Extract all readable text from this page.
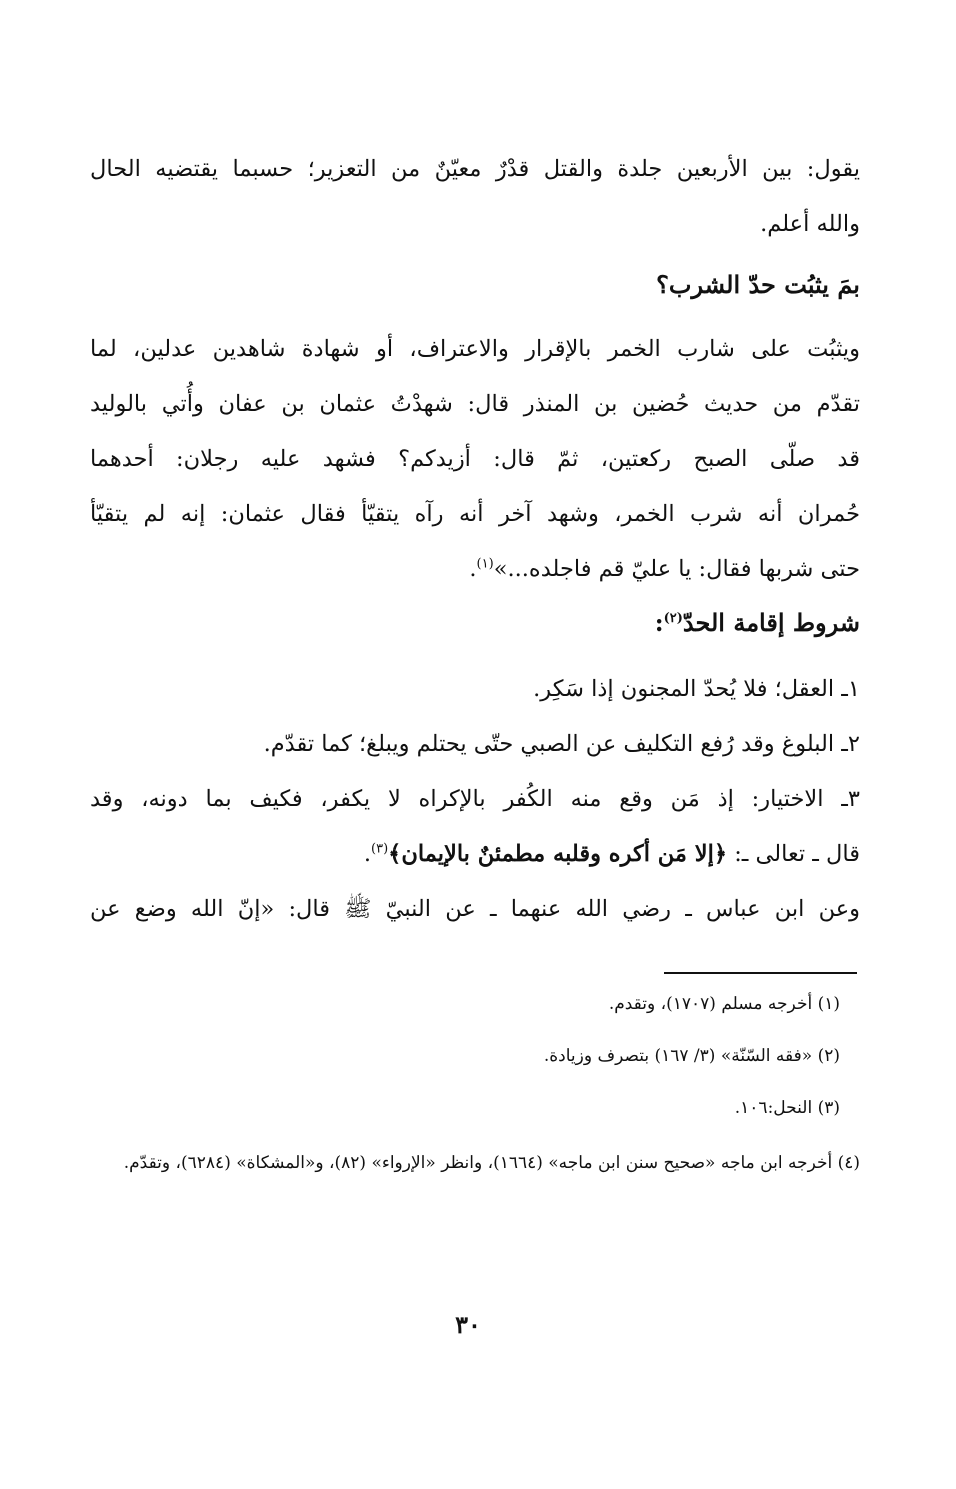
يقول: بين الأربعين جلدة والقتل قدْرٌ معيّنٌ من التعزير؛ حسبما يقتضيه الحال
والله أعلم.
بمَ يثبُت حدّ الشرب؟
ويثبُت على شارب الخمر بالإقرار والاعتراف، أو شهادة شاهدين عدلين، لما
تقدّم من حديث حُضين بن المنذر قال: شهدْتُ عثمان بن عفان وأُتي بالوليد
قد صلّى الصبح ركعتين، ثمّ قال: أزيدكم؟ فشهد عليه رجلان: أحدهما
حُمران أنه شرب الخمر، وشهد آخر أنه رآه يتقيّأ فقال عثمان: إنه لم يتقيّأ
حتى شربها فقال: يا عليّ قم فاجلده...»$^{(١)}$.
شروط إقامة الحدّ$^{(٢)}$:
١ـ العقل؛ فلا يُحدّ المجنون إذا سَكِر.
٢ـ البلوغ وقد رُفع التكليف عن الصبي حتّى يحتلم ويبلغ؛ كما تقدّم.
٣ـ الاختيار: إذ مَن وقع منه الكُفر بالإكراه لا يكفر، فكيف بما دونه، وقد
قال ـ تعالى ـ: ﴿إلا مَن أكره وقلبه مطمئنٌ بالإيمان﴾$^{(٣)}$.
وعن ابن عباس ـ رضي الله عنهما ـ عن النبيّ ﷺ قال: «إنّ الله وضع عن
(١) أخرجه مسلم (١٧٠٧)، وتقدم.
(٢) «فقه السّنّة» (٣/ ١٦٧) بتصرف وزيادة.
(٣) النحل:١٠٦.
(٤) أخرجه ابن ماجه «صحيح سنن ابن ماجه» (١٦٦٤)، وانظر «الإرواء» (٨٢)، و«المشكاة» (٦٢٨٤)، وتقدّم.
٣٠
